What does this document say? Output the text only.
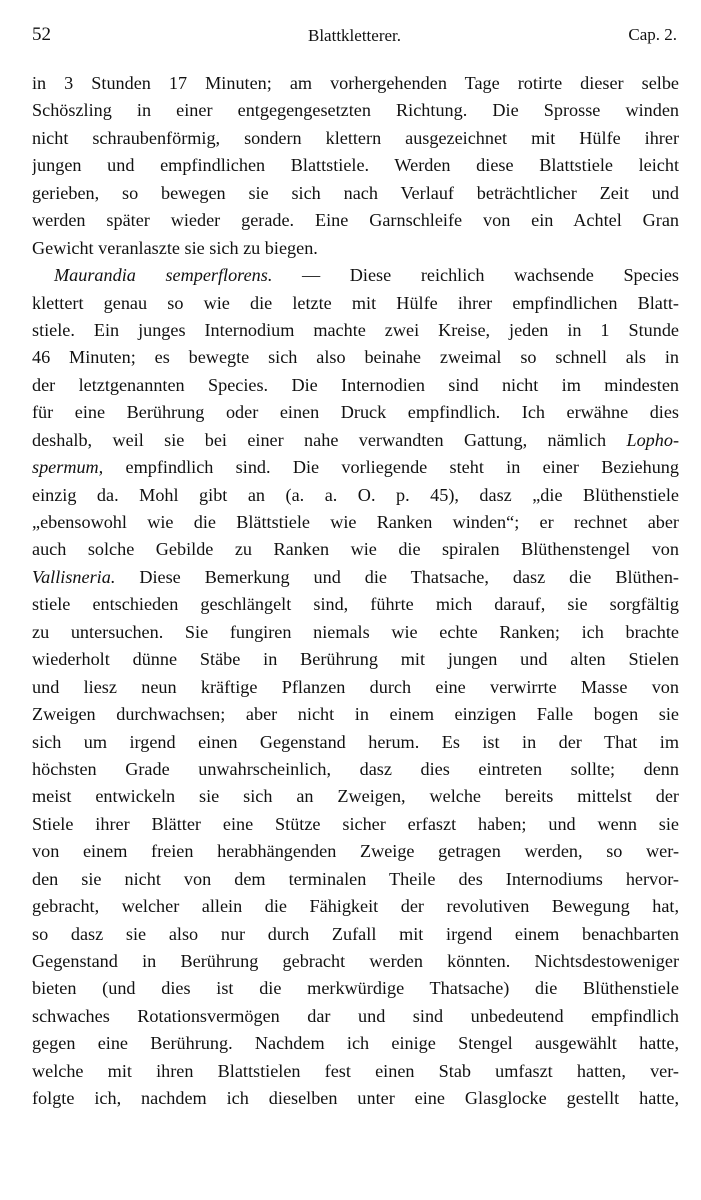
52	Blattkletterer.	Cap. 2.
in 3 Stunden 17 Minuten; am vorhergehenden Tage rotirte dieser selbe
Schöszling in einer entgegengesetzten Richtung. Die Sprosse winden
nicht schraubenförmig, sondern klettern ausgezeichnet mit Hülfe ihrer
jungen und empfindlichen Blattstiele. Werden diese Blattstiele leicht
gerieben, so bewegen sie sich nach Verlauf beträchtlicher Zeit und
werden später wieder gerade. Eine Garnschleife von ein Achtel Gran
Gewicht veranlaszte sie sich zu biegen.
Maurandia semperflorens. — Diese reichlich wachsende Species
klettert genau so wie die letzte mit Hülfe ihrer empfindlichen Blatt-
stiele. Ein junges Internodium machte zwei Kreise, jeden in 1 Stunde
46 Minuten; es bewegte sich also beinahe zweimal so schnell als in
der letztgenannten Species. Die Internodien sind nicht im mindesten
für eine Berührung oder einen Druck empfindlich. Ich erwähne dies
deshalb, weil sie bei einer nahe verwandten Gattung, nämlich Lopho-
spermum, empfindlich sind. Die vorliegende steht in einer Beziehung
einzig da. Mohl gibt an (a. a. O. p. 45), dasz „die Blüthenstiele
„ebensowohl wie die Blättstiele wie Ranken winden“; er rechnet aber
auch solche Gebilde zu Ranken wie die spiralen Blüthenstengel von
Vallisneria. Diese Bemerkung und die Thatsache, dasz die Blüthen-
stiele entschieden geschlängelt sind, führte mich darauf, sie sorgfältig
zu untersuchen. Sie fungiren niemals wie echte Ranken; ich brachte
wiederholt dünne Stäbe in Berührung mit jungen und alten Stielen
und liesz neun kräftige Pflanzen durch eine verwirrte Masse von
Zweigen durchwachsen; aber nicht in einem einzigen Falle bogen sie
sich um irgend einen Gegenstand herum. Es ist in der That im
höchsten Grade unwahrscheinlich, dasz dies eintreten sollte; denn
meist entwickeln sie sich an Zweigen, welche bereits mittelst der
Stiele ihrer Blätter eine Stütze sicher erfaszt haben; und wenn sie
von einem freien herabhängenden Zweige getragen werden, so wer-
den sie nicht von dem terminalen Theile des Internodiums hervor-
gebracht, welcher allein die Fähigkeit der revolutiven Bewegung hat,
so dasz sie also nur durch Zufall mit irgend einem benachbarten
Gegenstand in Berührung gebracht werden könnten. Nichtsdestoweniger
bieten (und dies ist die merkwürdige Thatsache) die Blüthenstiele
schwaches Rotationsvermögen dar und sind unbedeutend empfindlich
gegen eine Berührung. Nachdem ich einige Stengel ausgewählt hatte,
welche mit ihren Blattstielen fest einen Stab umfaszt hatten, ver-
folgte ich, nachdem ich dieselben unter eine Glasglocke gestellt hatte,
